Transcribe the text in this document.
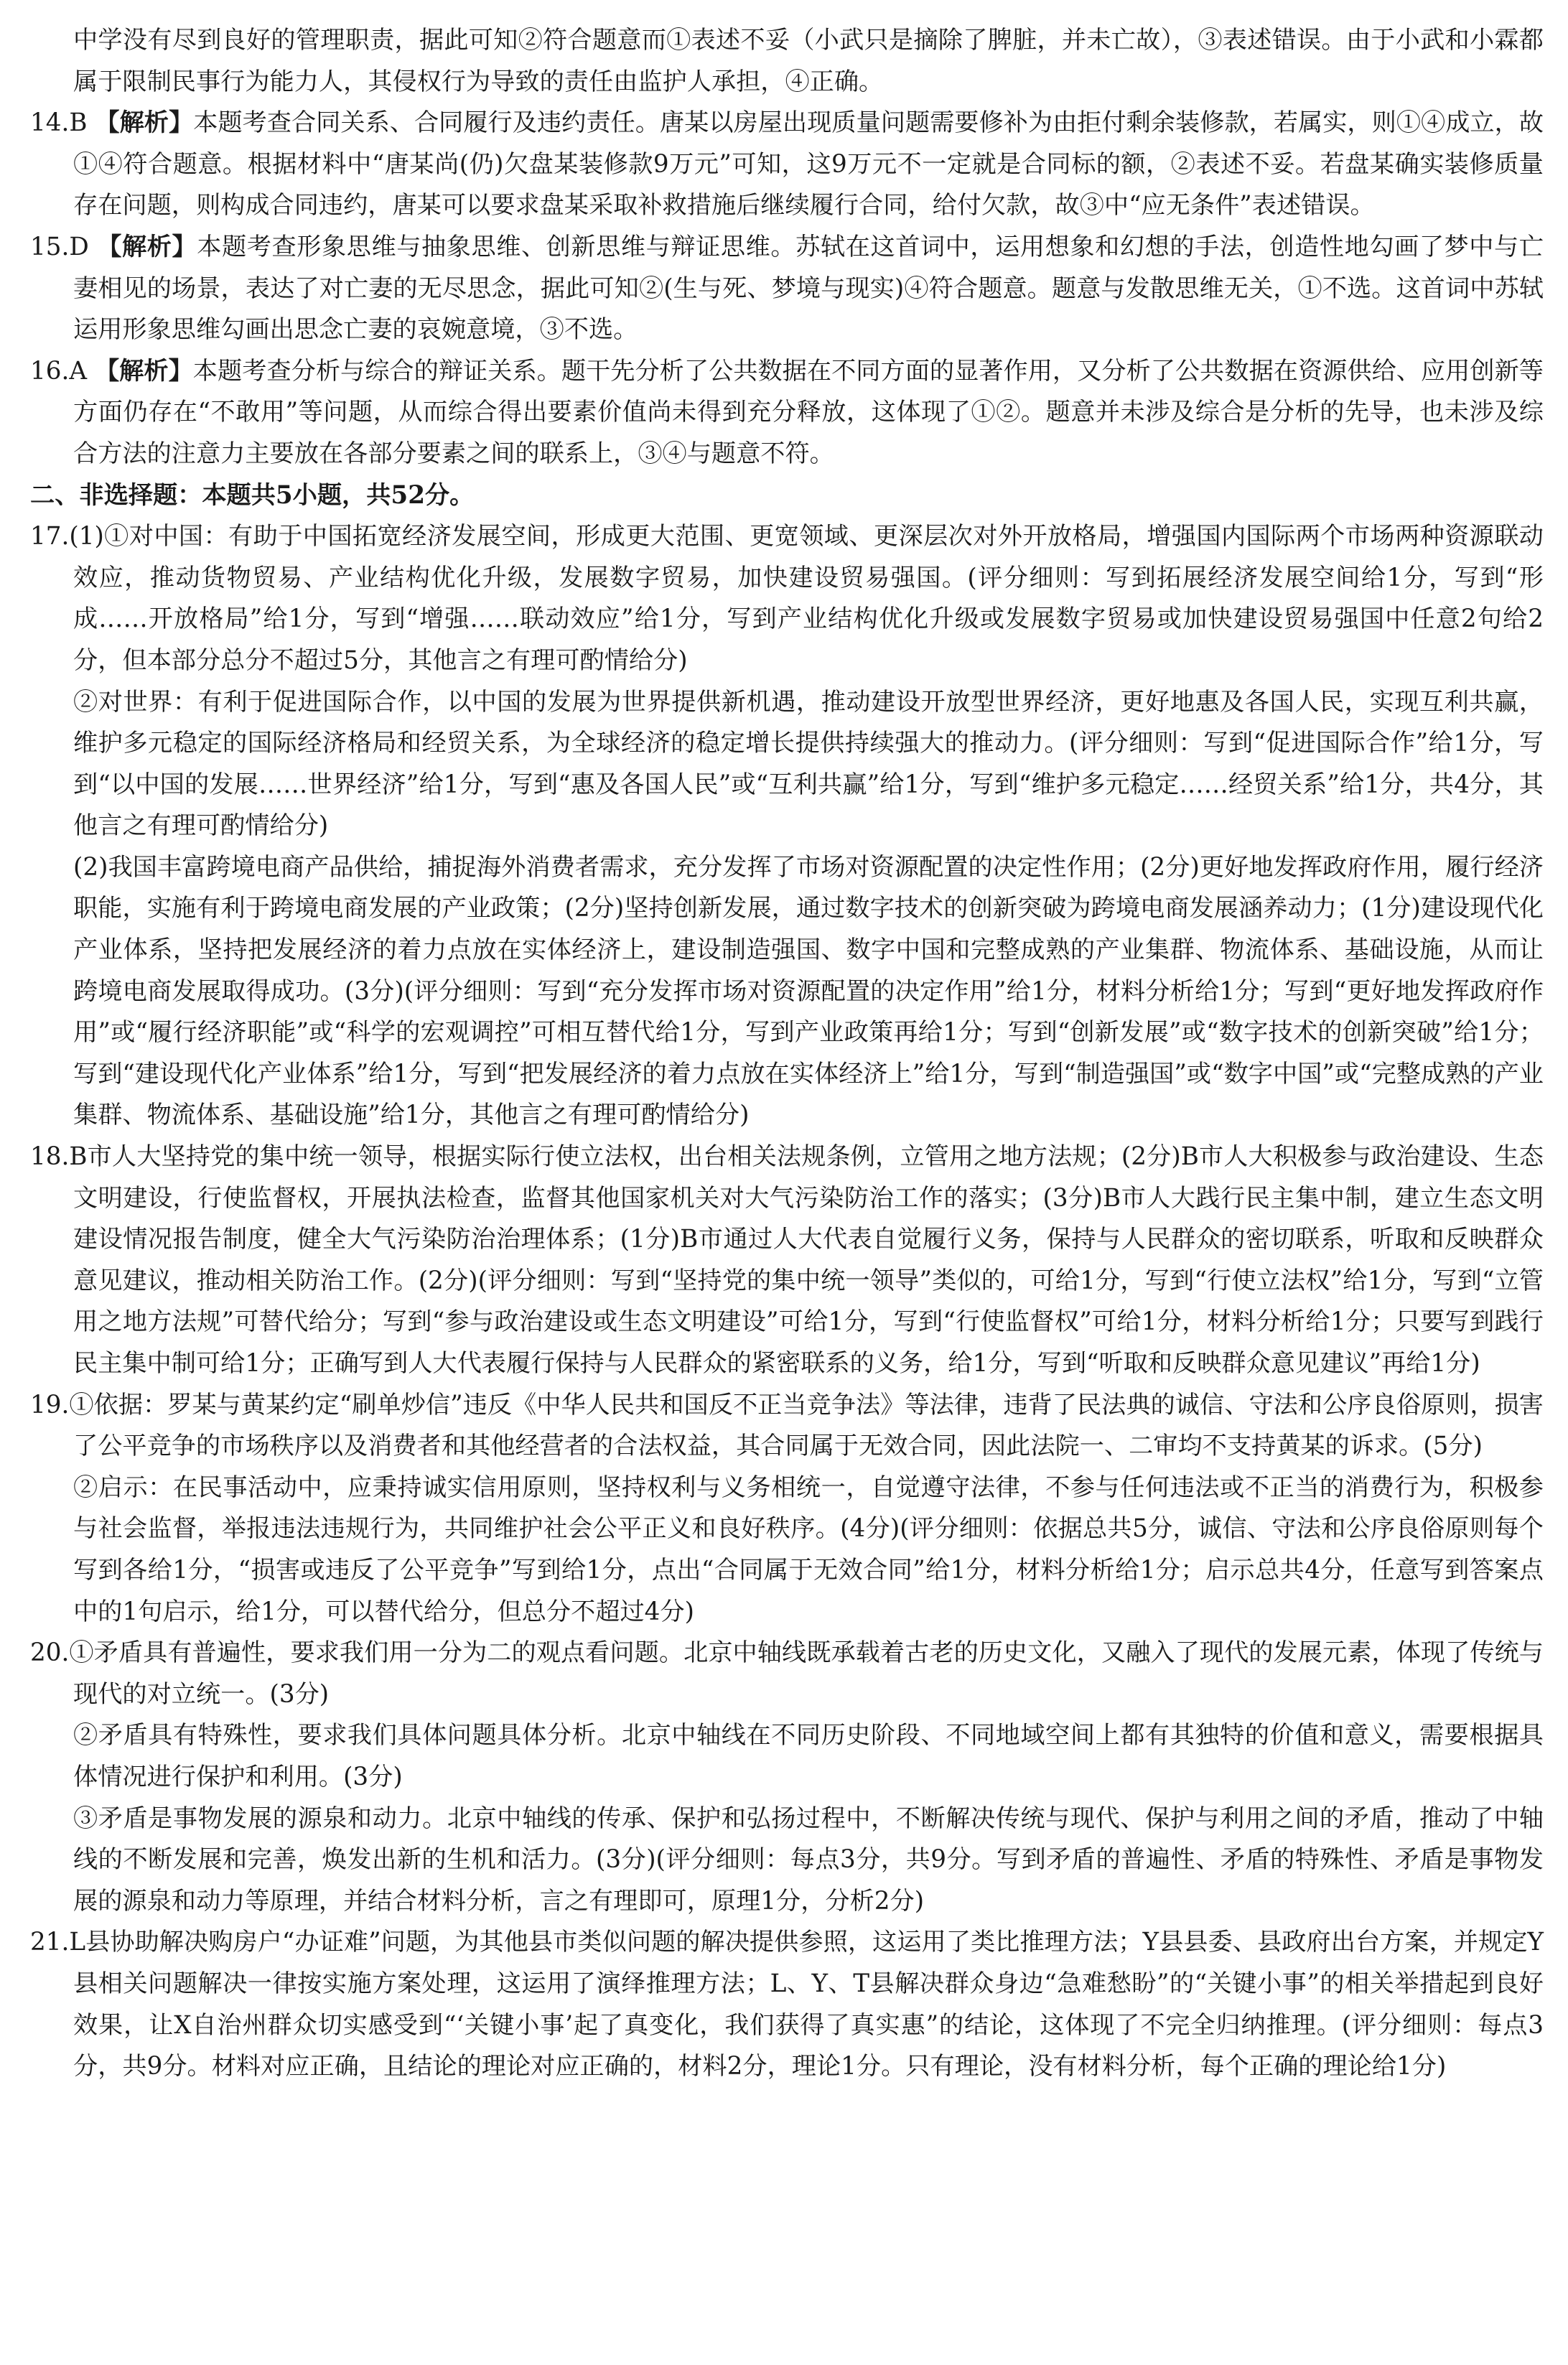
中学没有尽到良好的管理职责，据此可知②符合题意而①表述不妥（小武只是摘除了脾脏，并未亡故），③表述错误。由于小武和小霖都属于限制民事行为能力人，其侵权行为导致的责任由监护人承担，④正确。

14.B 【解析】本题考查合同关系、合同履行及违约责任。唐某以房屋出现质量问题需要修补为由拒付剩余装修款，若属实，则①④成立，故①④符合题意。根据材料中“唐某尚(仍)欠盘某装修款9万元”可知，这9万元不一定就是合同标的额，②表述不妥。若盘某确实装修质量存在问题，则构成合同违约，唐某可以要求盘某采取补救措施后继续履行合同，给付欠款，故③中“应无条件”表述错误。

15.D 【解析】本题考查形象思维与抽象思维、创新思维与辩证思维。苏轼在这首词中，运用想象和幻想的手法，创造性地勾画了梦中与亡妻相见的场景，表达了对亡妻的无尽思念，据此可知②(生与死、梦境与现实)④符合题意。题意与发散思维无关，①不选。这首词中苏轼运用形象思维勾画出思念亡妻的哀婉意境，③不选。

16.A 【解析】本题考查分析与综合的辩证关系。题干先分析了公共数据在不同方面的显著作用，又分析了公共数据在资源供给、应用创新等方面仍存在“不敢用”等问题，从而综合得出要素价值尚未得到充分释放，这体现了①②。题意并未涉及综合是分析的先导，也未涉及综合方法的注意力主要放在各部分要素之间的联系上，③④与题意不符。

二、非选择题：本题共5小题，共52分。

17.(1)①对中国：有助于中国拓宽经济发展空间，形成更大范围、更宽领域、更深层次对外开放格局，增强国内国际两个市场两种资源联动效应，推动货物贸易、产业结构优化升级，发展数字贸易，加快建设贸易强国。(评分细则：写到拓展经济发展空间给1分，写到“形成……开放格局”给1分，写到“增强……联动效应”给1分，写到产业结构优化升级或发展数字贸易或加快建设贸易强国中任意2句给2分，但本部分总分不超过5分，其他言之有理可酌情给分)

②对世界：有利于促进国际合作，以中国的发展为世界提供新机遇，推动建设开放型世界经济，更好地惠及各国人民，实现互利共赢，维护多元稳定的国际经济格局和经贸关系，为全球经济的稳定增长提供持续强大的推动力。(评分细则：写到“促进国际合作”给1分，写到“以中国的发展……世界经济”给1分，写到“惠及各国人民”或“互利共赢”给1分，写到“维护多元稳定……经贸关系”给1分，共4分，其他言之有理可酌情给分)

(2)我国丰富跨境电商产品供给，捕捉海外消费者需求，充分发挥了市场对资源配置的决定性作用；(2分)更好地发挥政府作用，履行经济职能，实施有利于跨境电商发展的产业政策；(2分)坚持创新发展，通过数字技术的创新突破为跨境电商发展涵养动力；(1分)建设现代化产业体系，坚持把发展经济的着力点放在实体经济上，建设制造强国、数字中国和完整成熟的产业集群、物流体系、基础设施，从而让跨境电商发展取得成功。(3分)(评分细则：写到“充分发挥市场对资源配置的决定作用”给1分，材料分析给1分；写到“更好地发挥政府作用”或“履行经济职能”或“科学的宏观调控”可相互替代给1分，写到产业政策再给1分；写到“创新发展”或“数字技术的创新突破”给1分；写到“建设现代化产业体系”给1分，写到“把发展经济的着力点放在实体经济上”给1分，写到“制造强国”或“数字中国”或“完整成熟的产业集群、物流体系、基础设施”给1分，其他言之有理可酌情给分)

18.B市人大坚持党的集中统一领导，根据实际行使立法权，出台相关法规条例，立管用之地方法规；(2分)B市人大积极参与政治建设、生态文明建设，行使监督权，开展执法检查，监督其他国家机关对大气污染防治工作的落实；(3分)B市人大践行民主集中制，建立生态文明建设情况报告制度，健全大气污染防治治理体系；(1分)B市通过人大代表自觉履行义务，保持与人民群众的密切联系，听取和反映群众意见建议，推动相关防治工作。(2分)(评分细则：写到“坚持党的集中统一领导”类似的，可给1分，写到“行使立法权”给1分，写到“立管用之地方法规”可替代给分；写到“参与政治建设或生态文明建设”可给1分，写到“行使监督权”可给1分，材料分析给1分；只要写到践行民主集中制可给1分；正确写到人大代表履行保持与人民群众的紧密联系的义务，给1分，写到“听取和反映群众意见建议”再给1分)

19.①依据：罗某与黄某约定“刷单炒信”违反《中华人民共和国反不正当竞争法》等法律，违背了民法典的诚信、守法和公序良俗原则，损害了公平竞争的市场秩序以及消费者和其他经营者的合法权益，其合同属于无效合同，因此法院一、二审均不支持黄某的诉求。(5分)

②启示：在民事活动中，应秉持诚实信用原则，坚持权利与义务相统一，自觉遵守法律，不参与任何违法或不正当的消费行为，积极参与社会监督，举报违法违规行为，共同维护社会公平正义和良好秩序。(4分)(评分细则：依据总共5分，诚信、守法和公序良俗原则每个写到各给1分，“损害或违反了公平竞争”写到给1分，点出“合同属于无效合同”给1分，材料分析给1分；启示总共4分，任意写到答案点中的1句启示，给1分，可以替代给分，但总分不超过4分)

20.①矛盾具有普遍性，要求我们用一分为二的观点看问题。北京中轴线既承载着古老的历史文化，又融入了现代的发展元素，体现了传统与现代的对立统一。(3分)

②矛盾具有特殊性，要求我们具体问题具体分析。北京中轴线在不同历史阶段、不同地域空间上都有其独特的价值和意义，需要根据具体情况进行保护和利用。(3分)

③矛盾是事物发展的源泉和动力。北京中轴线的传承、保护和弘扬过程中，不断解决传统与现代、保护与利用之间的矛盾，推动了中轴线的不断发展和完善，焕发出新的生机和活力。(3分)(评分细则：每点3分，共9分。写到矛盾的普遍性、矛盾的特殊性、矛盾是事物发展的源泉和动力等原理，并结合材料分析，言之有理即可，原理1分，分析2分)

21.L县协助解决购房户“办证难”问题，为其他县市类似问题的解决提供参照，这运用了类比推理方法；Y县县委、县政府出台方案，并规定Y县相关问题解决一律按实施方案处理，这运用了演绎推理方法；L、Y、T县解决群众身边“急难愁盼”的“关键小事”的相关举措起到良好效果，让X自治州群众切实感受到“‘关键小事’起了真变化，我们获得了真实惠”的结论，这体现了不完全归纳推理。(评分细则：每点3分，共9分。材料对应正确，且结论的理论对应正确的，材料2分，理论1分。只有理论，没有材料分析，每个正确的理论给1分)
